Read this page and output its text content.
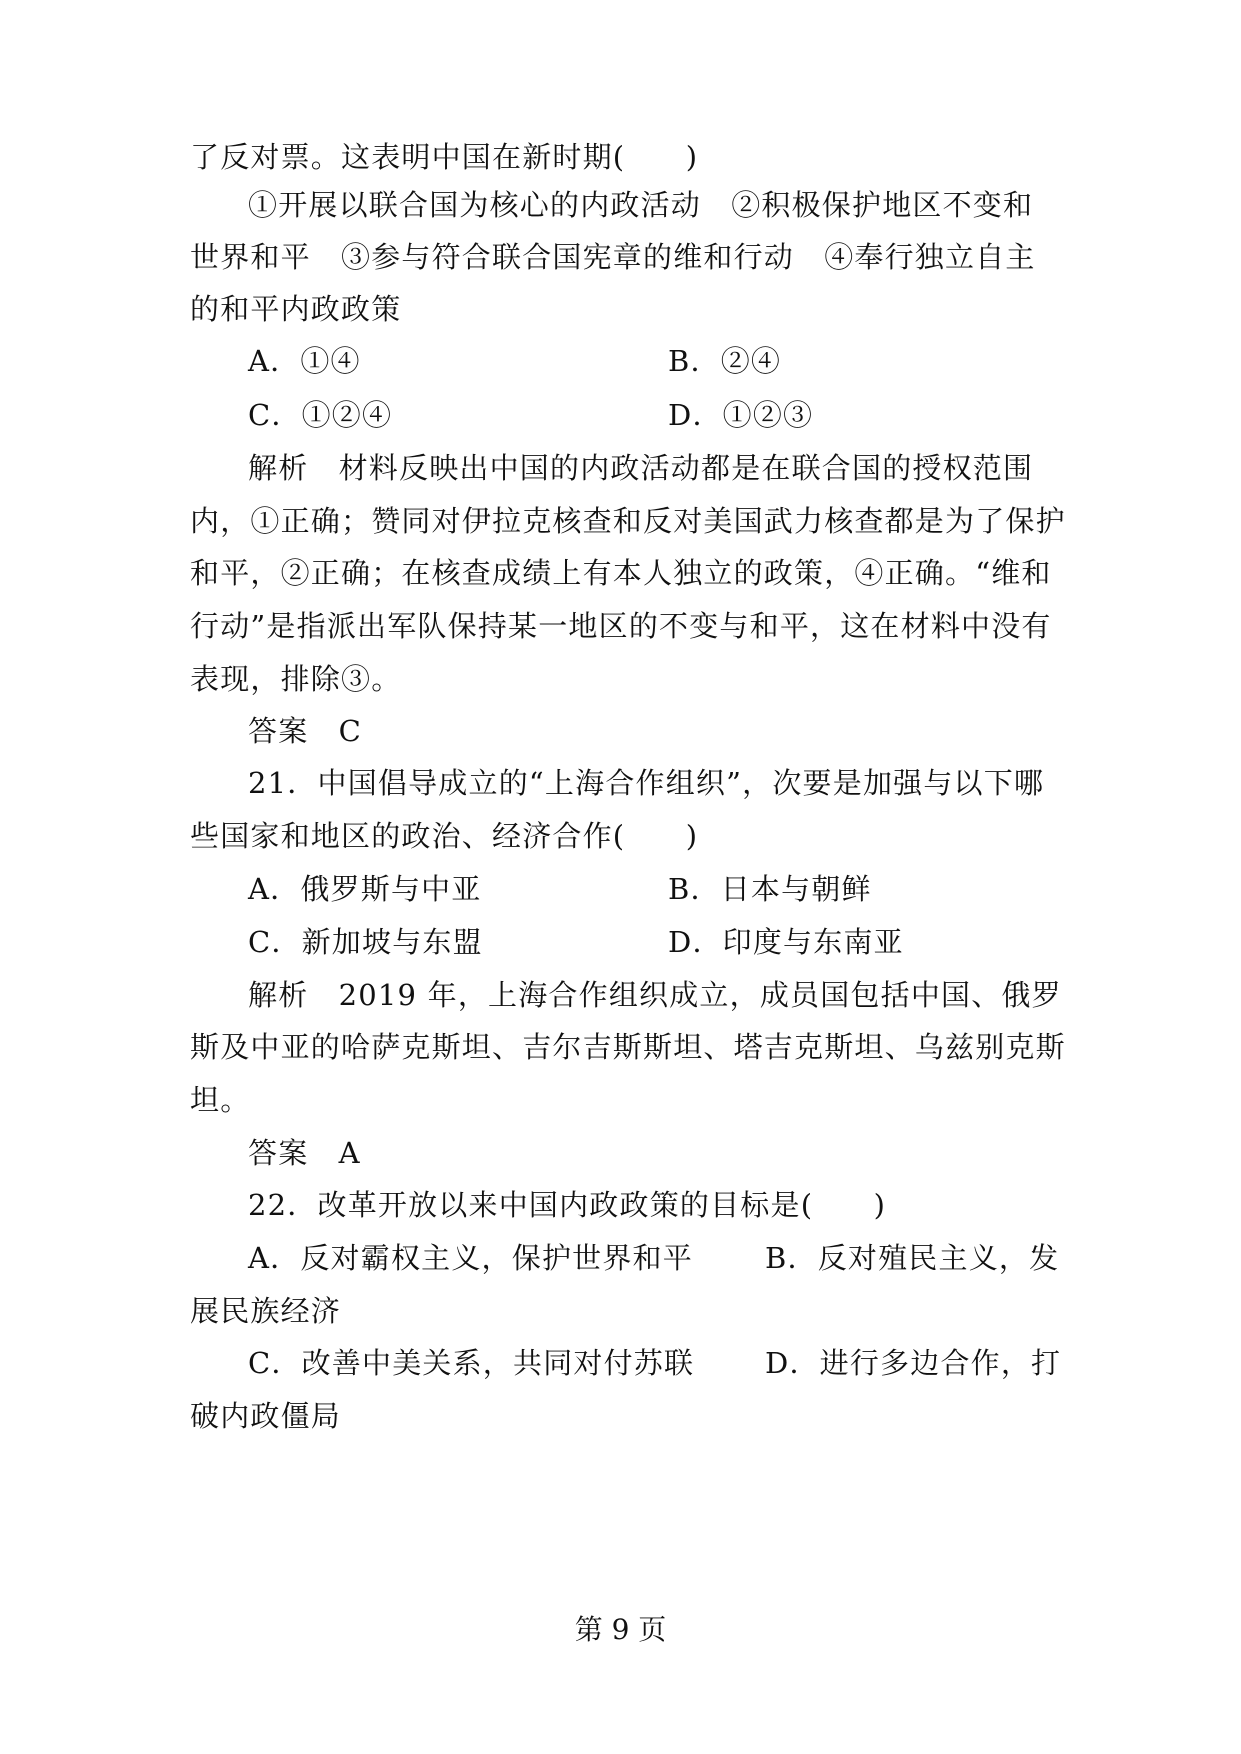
了反对票。这表明中国在新时期(　　)
①开展以联合国为核心的内政活动　②积极保护地区不变和
世界和平　③参与符合联合国宪章的维和行动　④奉行独立自主
的和平内政政策
A．①④	B．②④
C．①②④	D．①②③
解析　材料反映出中国的内政活动都是在联合国的授权范围
内，①正确；赞同对伊拉克核查和反对美国武力核查都是为了保护
和平，②正确；在核查成绩上有本人独立的政策，④正确。“维和
行动”是指派出军队保持某一地区的不变与和平，这在材料中没有
表现，排除③。
答案　C
21．中国倡导成立的“上海合作组织”，次要是加强与以下哪
些国家和地区的政治、经济合作(　　)
A．俄罗斯与中亚	B．日本与朝鲜
C．新加坡与东盟	D．印度与东南亚
解析　2019 年，上海合作组织成立，成员国包括中国、俄罗
斯及中亚的哈萨克斯坦、吉尔吉斯斯坦、塔吉克斯坦、乌兹别克斯
坦。
答案　A
22．改革开放以来中国内政政策的目标是(　　)
A．反对霸权主义，保护世界和平	B．反对殖民主义，发
展民族经济
C．改善中美关系，共同对付苏联	D．进行多边合作，打
破内政僵局
第 9 页
